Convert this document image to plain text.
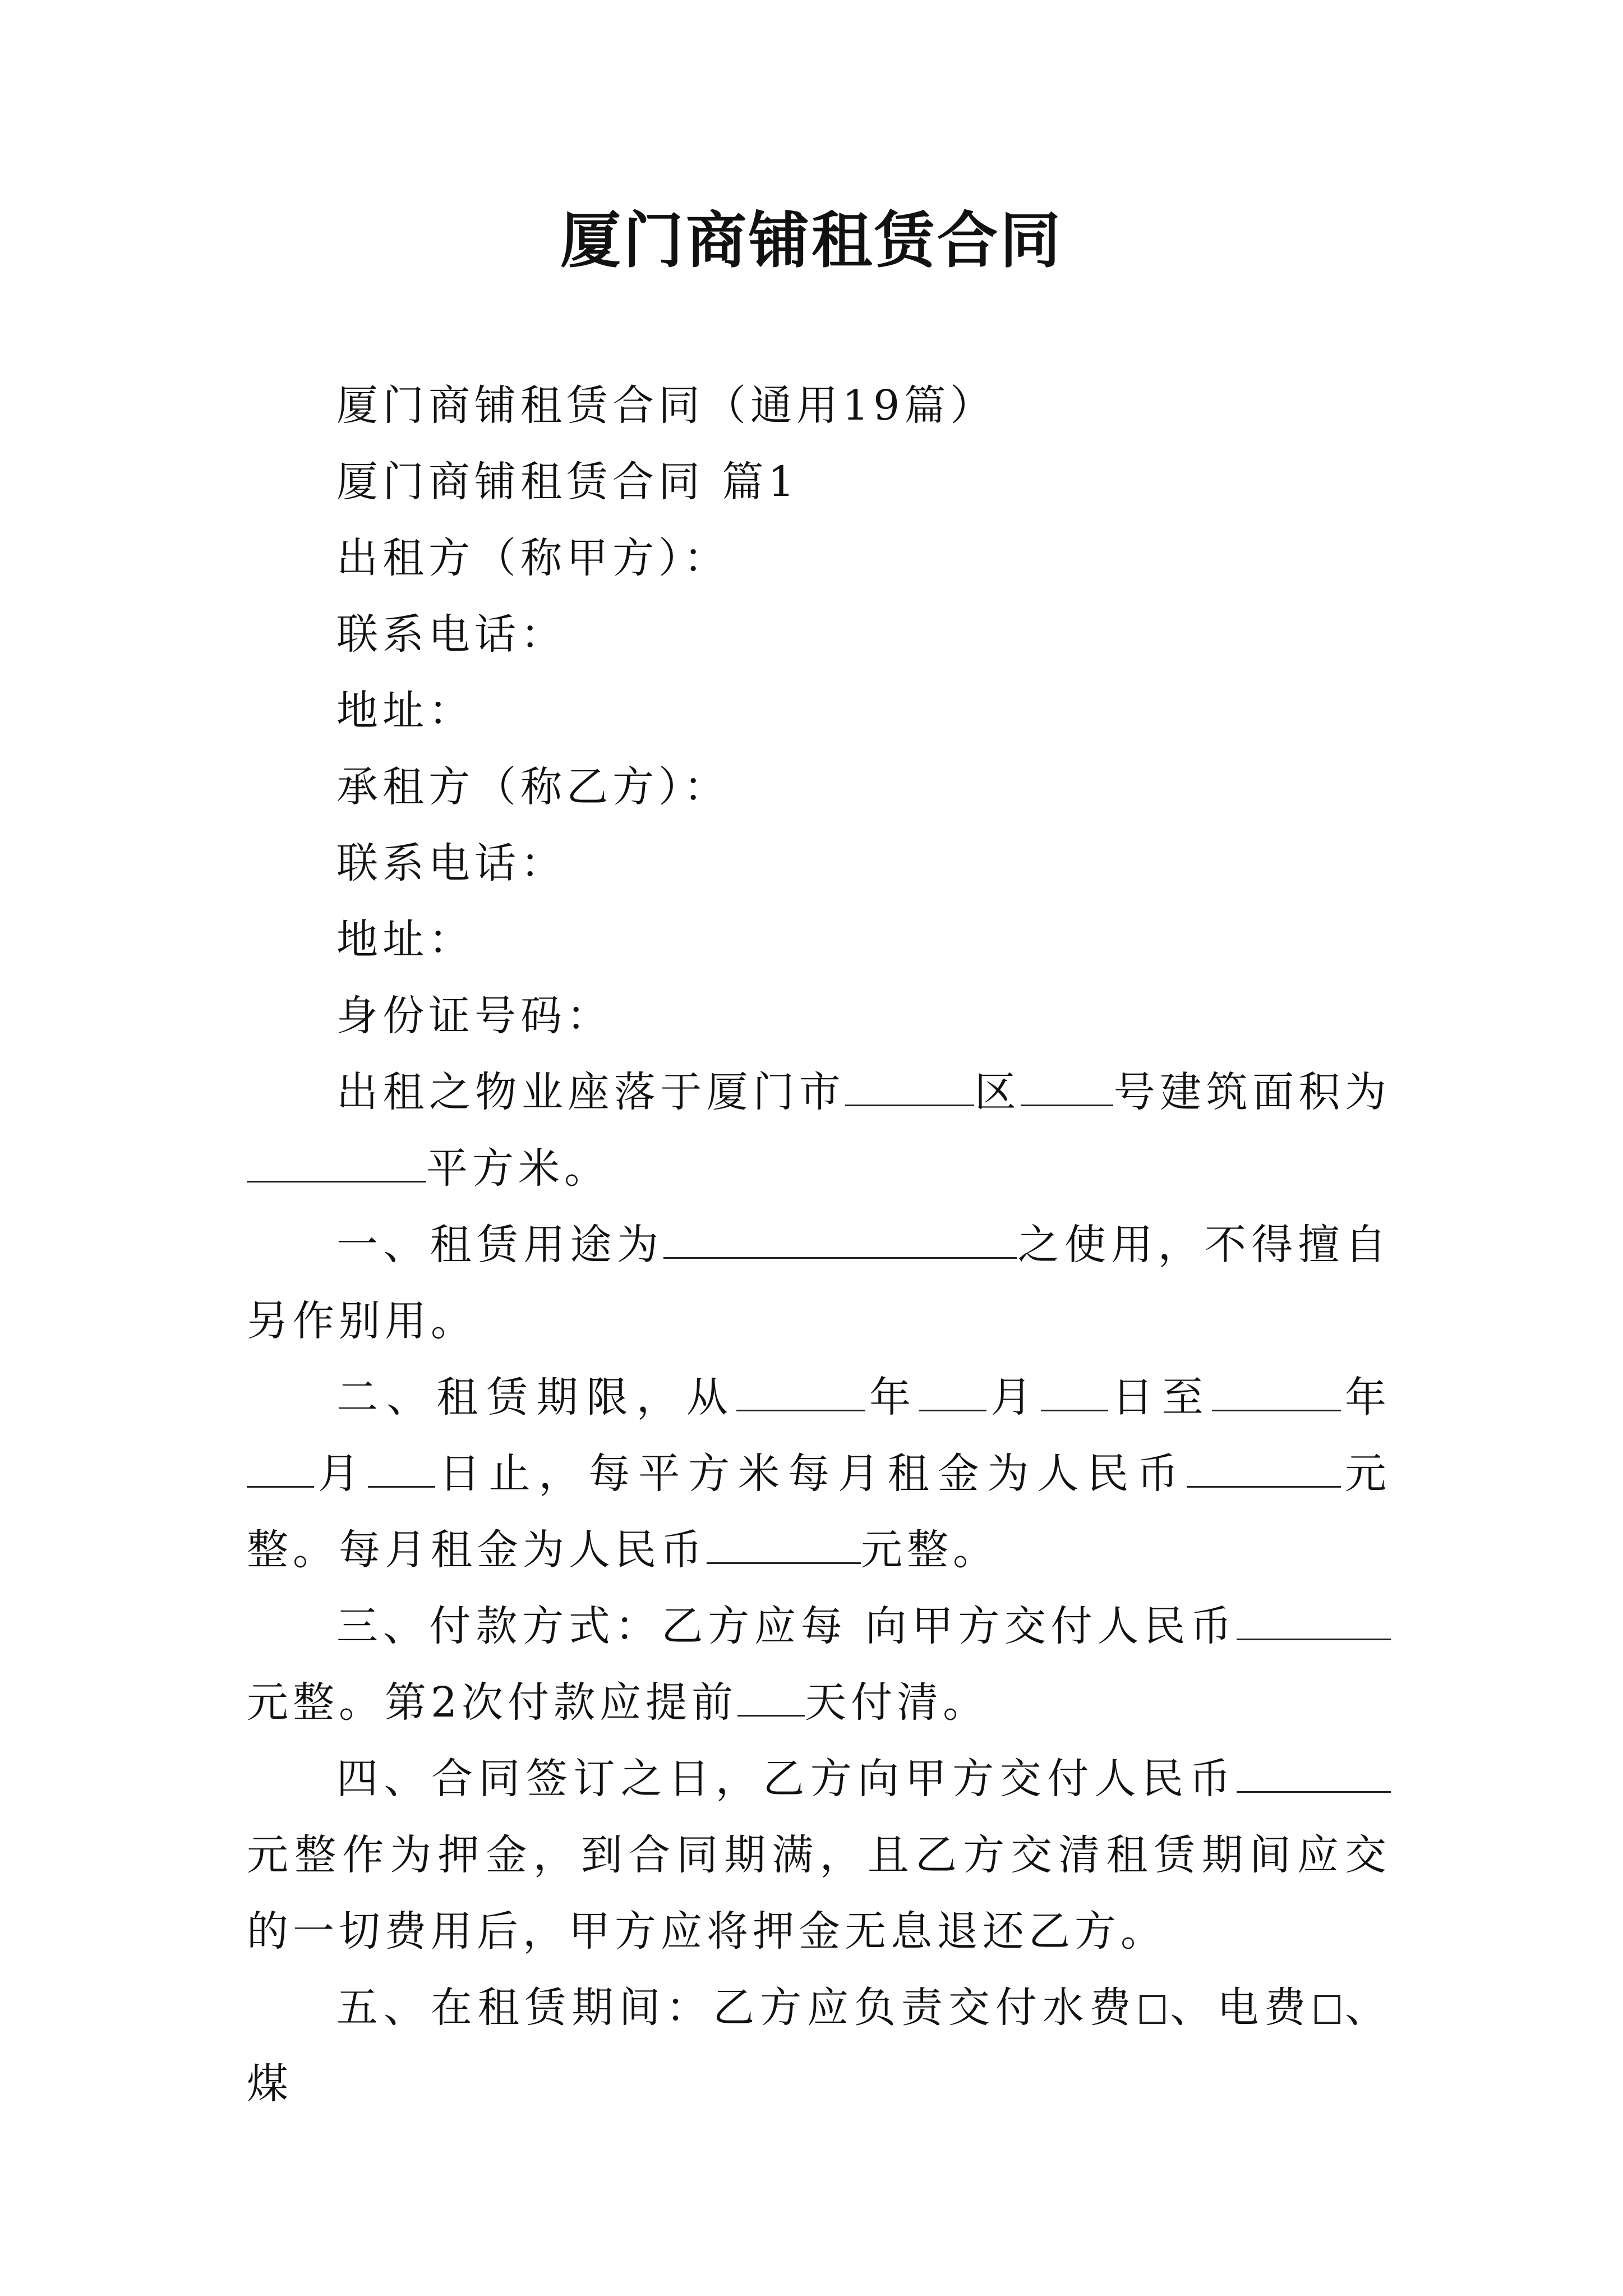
厦门商铺租赁合同

厦门商铺租赁合同（通用19篇）

厦门商铺租赁合同 篇1

出租方（称甲方）：

联系电话：

地址：

承租方（称乙方）：

联系电话：

地址：

身份证号码：

出租之物业座落于厦门市	区 号建筑面积为平方米。

一、租赁用途为	之使用，不得擅自另作别用。

二、租赁期限，从	年 月 日至	年月 日止，每平方米每月租金为人民币	元整。每月租金为人民币	元整。

三、付款方式：乙方应每 向甲方交付人民币元整。第2次付款应提前 天付清。

四、合同签订之日，乙方向甲方交付人民币元整作为押金，到合同期满，且乙方交清租赁期间应交的一切费用后，甲方应将押金无息退还乙方。

五、在租赁期间：乙方应负责交付水费 、电费 、煤
